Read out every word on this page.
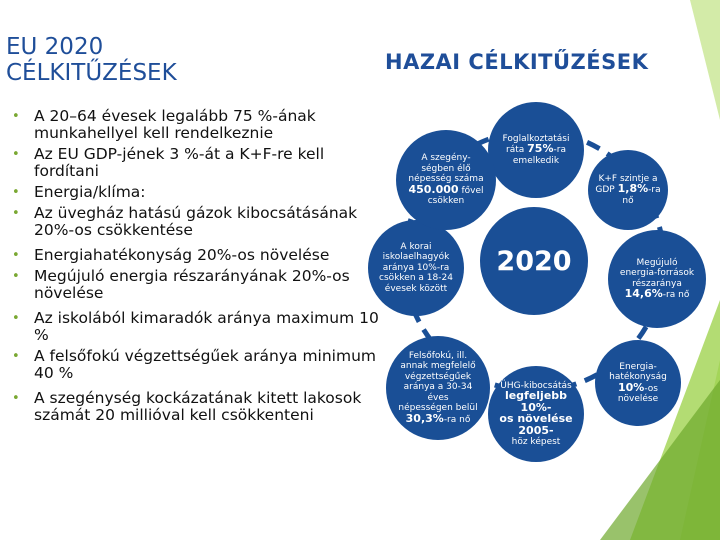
EU 2020
CÉLKITŰZÉSEK	HAZAI CÉLKITŰZÉSEK
• A 20–64 évesek legalább 75 %-ának munkahellyel kell rendelkeznie
• Az EU GDP-jének 3 %-át a K+F-re kell fordítani
• Energia/klíma:
• Az üvegház hatású gázok kibocsátásának 20%-os csökkentése
• Energiahatékonyság 20%-os növelése
• Megújuló energia részarányának 20%-os növelése
• Az iskolából kimaradók aránya maximum 10 %
• A felsőfokú végzettségűek aránya minimum 40 %
• A szegénység kockázatának kitett lakosok számát 20 millióval kell csökkenteni
2020
Foglalkoztatási
ráta 75%-ra
emelkedik
K+F szintje a
GDP 1,8%-ra
nő
Megújuló
energia-források
részaránya
14,6%-ra nő
Energia-
hatékonyság
10%-os
növelése
ÜHG-kibocsátás
legfeljebb 10%-
os növelése 2005-
höz képest
Felsőfokú, ill.
annak megfelelő
végzettségűek
aránya a 30-34 éves
népességen belül
30,3%-ra nő
A korai
iskolaelhagyók
aránya 10%-ra
csökken a 18-24
évesek között
A szegény-
ségben élő
népesség száma
450.000 fővel
csökken
